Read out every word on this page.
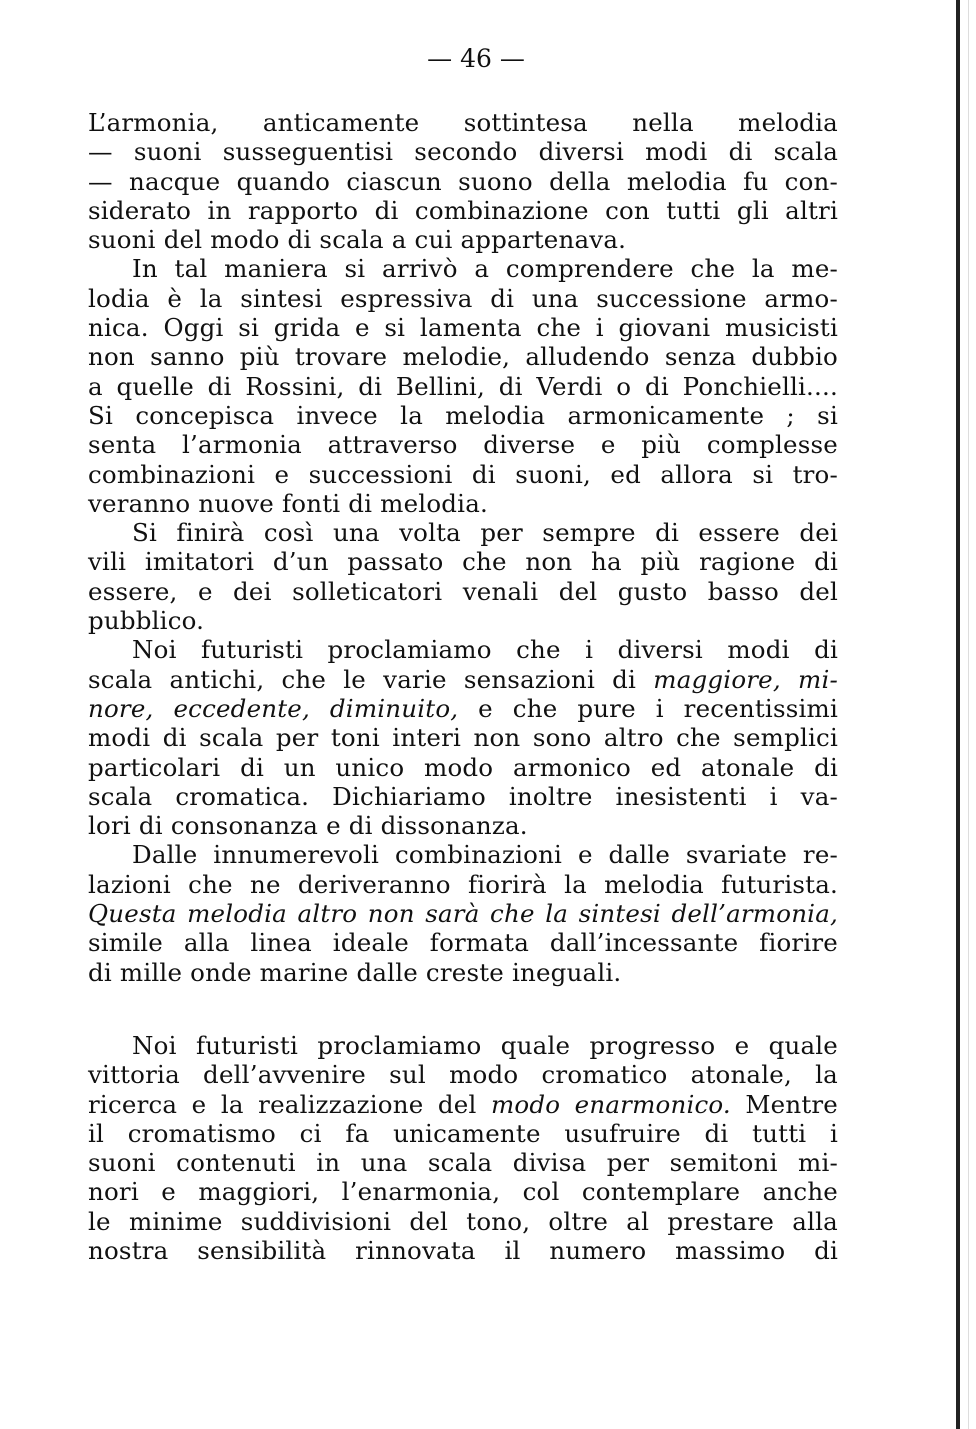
— 46 —
L’armonia, anticamente sottintesa nella melodia
— suoni susseguentisi secondo diversi modi di scala
— nacque quando ciascun suono della melodia fu con-
siderato in rapporto di combinazione con tutti gli altri
suoni del modo di scala a cui appartenava.
In tal maniera si arrivò a comprendere che la me-
lodia è la sintesi espressiva di una successione armo-
nica. Oggi si grida e si lamenta che i giovani musicisti
non sanno più trovare melodie, alludendo senza dubbio
a quelle di Rossini, di Bellini, di Verdi o di Ponchielli....
Si concepisca invece la melodia armonicamente ; si
senta l’armonia attraverso diverse e più complesse
combinazioni e successioni di suoni, ed allora si tro-
veranno nuove fonti di melodia.
Si finirà così una volta per sempre di essere dei
vili imitatori d’un passato che non ha più ragione di
essere, e dei solleticatori venali del gusto basso del
pubblico.
Noi futuristi proclamiamo che i diversi modi di
scala antichi, che le varie sensazioni di maggiore, mi-
nore, eccedente, diminuito, e che pure i recentissimi
modi di scala per toni interi non sono altro che semplici
particolari di un unico modo armonico ed atonale di
scala cromatica. Dichiariamo inoltre inesistenti i va-
lori di consonanza e di dissonanza.
Dalle innumerevoli combinazioni e dalle svariate re-
lazioni che ne deriveranno fiorirà la melodia futurista.
Questa melodia altro non sarà che la sintesi dell’armonia,
simile alla linea ideale formata dall’incessante fiorire
di mille onde marine dalle creste ineguali.
Noi futuristi proclamiamo quale progresso e quale
vittoria dell’avvenire sul modo cromatico atonale, la
ricerca e la realizzazione del modo enarmonico. Mentre
il cromatismo ci fa unicamente usufruire di tutti i
suoni contenuti in una scala divisa per semitoni mi-
nori e maggiori, l’enarmonia, col contemplare anche
le minime suddivisioni del tono, oltre al prestare alla
nostra sensibilità rinnovata il numero massimo di
